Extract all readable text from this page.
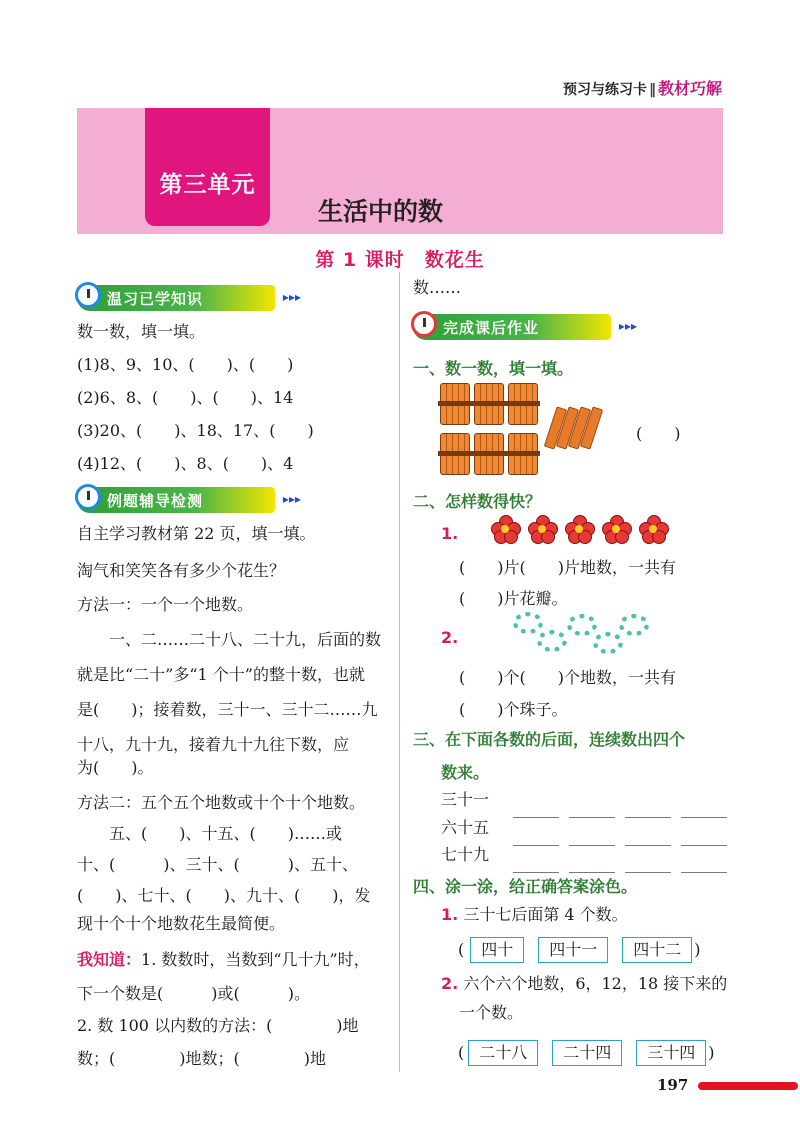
预习与练习卡 ‖ 教材巧解
第三单元
生活中的数
第 1 课时　数花生
温习已学知识	▸▸▸
数一数，填一填。
(1)8、9、10、(　　)、(　　)
(2)6、8、(　　)、(　　)、14
(3)20、(　　)、18、17、(　　)
(4)12、(　　)、8、(　　)、4
例题辅导检测	▸▸▸
自主学习教材第 22 页，填一填。
淘气和笑笑各有多少个花生？
方法一：一个一个地数。
　　一、二……二十八、二十九，后面的数
就是比“二十”多“1 个十”的整十数，也就
是(　　)；接着数，三十一、三十二……九
十八，九十九，接着九十九往下数，应
为(　　)。
方法二：五个五个地数或十个十个地数。
　　五、(　　)、十五、(　　)……或
十、(　　　)、三十、(　　　)、五十、
(　　)、七十、(　　)、九十、(　　)，发
现十个十个地数花生最简便。
我知道：1. 数数时，当数到“几十九”时，
下一个数是(　　　)或(　　　)。
2. 数 100 以内数的方法：(　　　　)地
数；(　　　　)地数；(　　　　)地
数……
完成课后作业	▸▸▸
一、数一数，填一填。
(　　)
二、怎样数得快？
1.
(　　)片(　　)片地数，一共有
(　　)片花瓣。
2.
(　　)个(　　)个地数，一共有
(　　)个珠子。
三、在下面各数的后面，连续数出四个
数来。
三十一
六十五
七十九
四、涂一涂，给正确答案涂色。
1. 三十七后面第 4 个数。
( 四十 四十一 四十二 )
2. 六个六个地数，6，12，18 接下来的
一个数。
( 二十八 二十四 三十四 )
197
